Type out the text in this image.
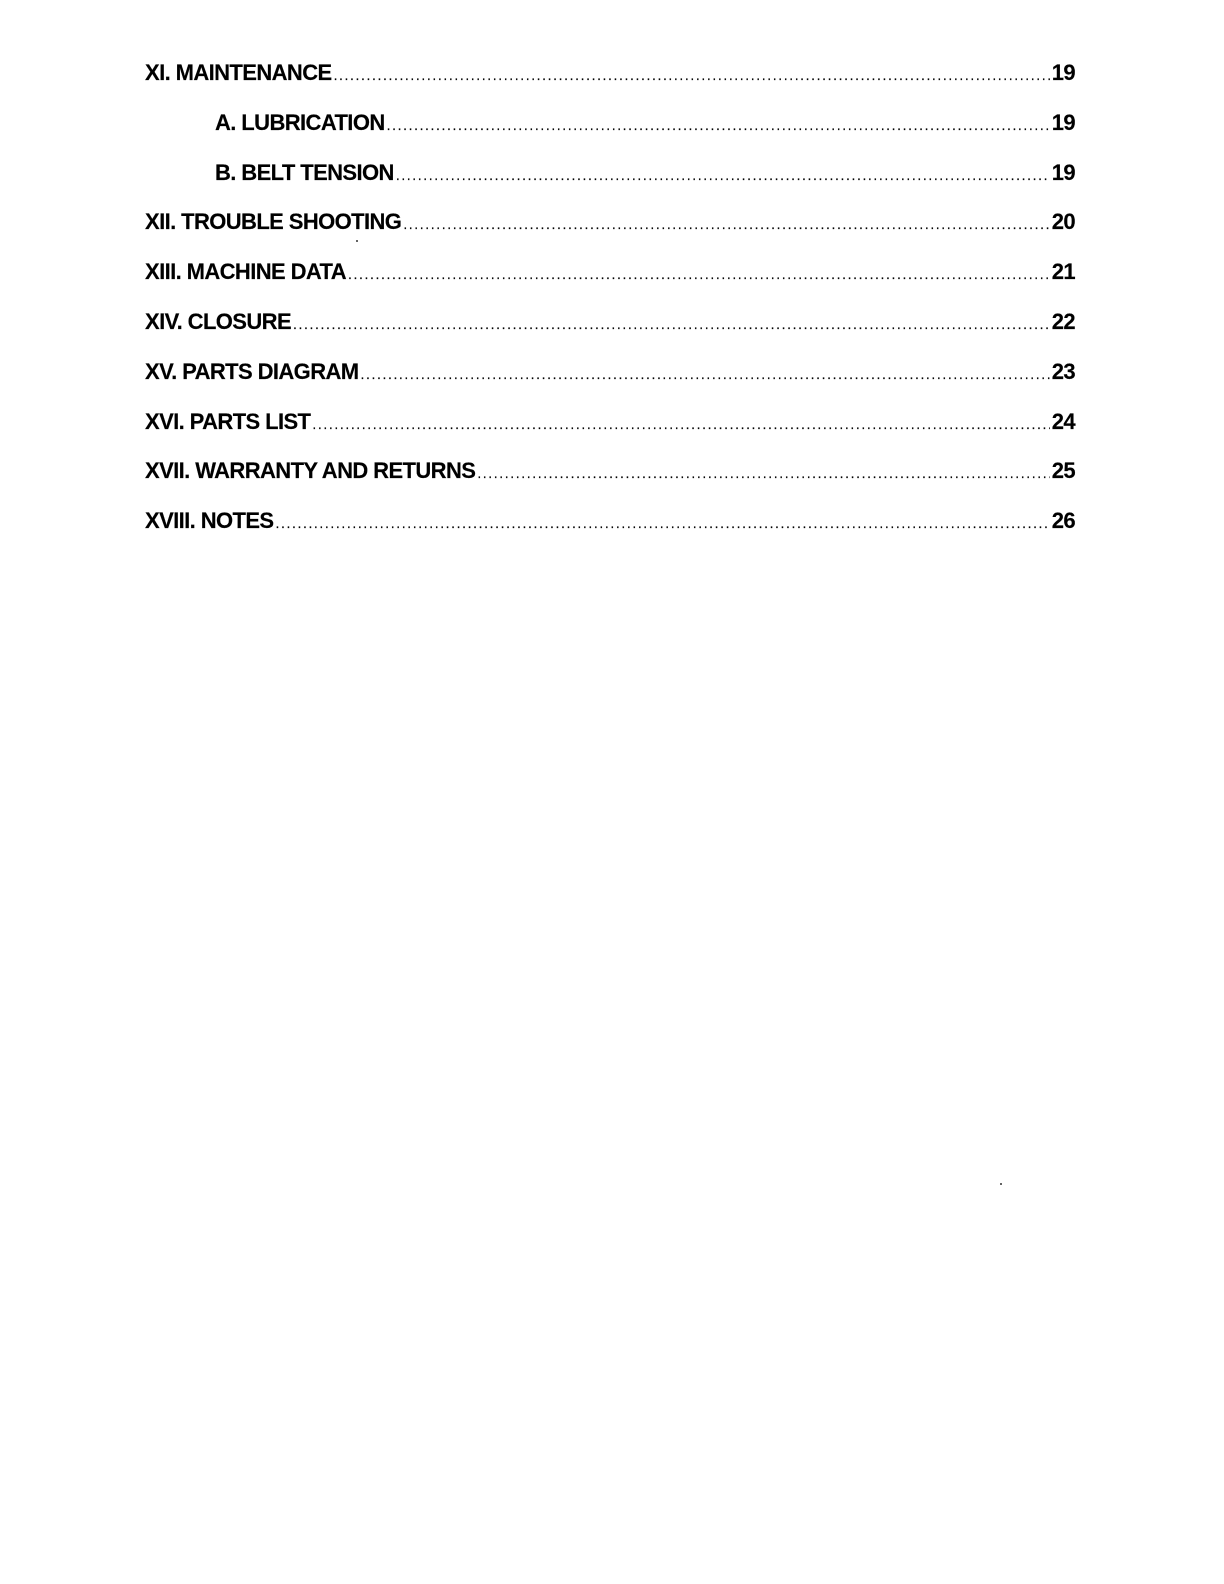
XI. MAINTENANCE .....	19
A. LUBRICATION .....	19
B. BELT TENSION .....	19
XII. TROUBLE SHOOTING .....	20
XIII. MACHINE DATA .....	21
XIV. CLOSURE .....	22
XV. PARTS DIAGRAM .....	23
XVI. PARTS LIST .....	24
XVII. WARRANTY AND RETURNS .....	25
XVIII. NOTES .....	26
